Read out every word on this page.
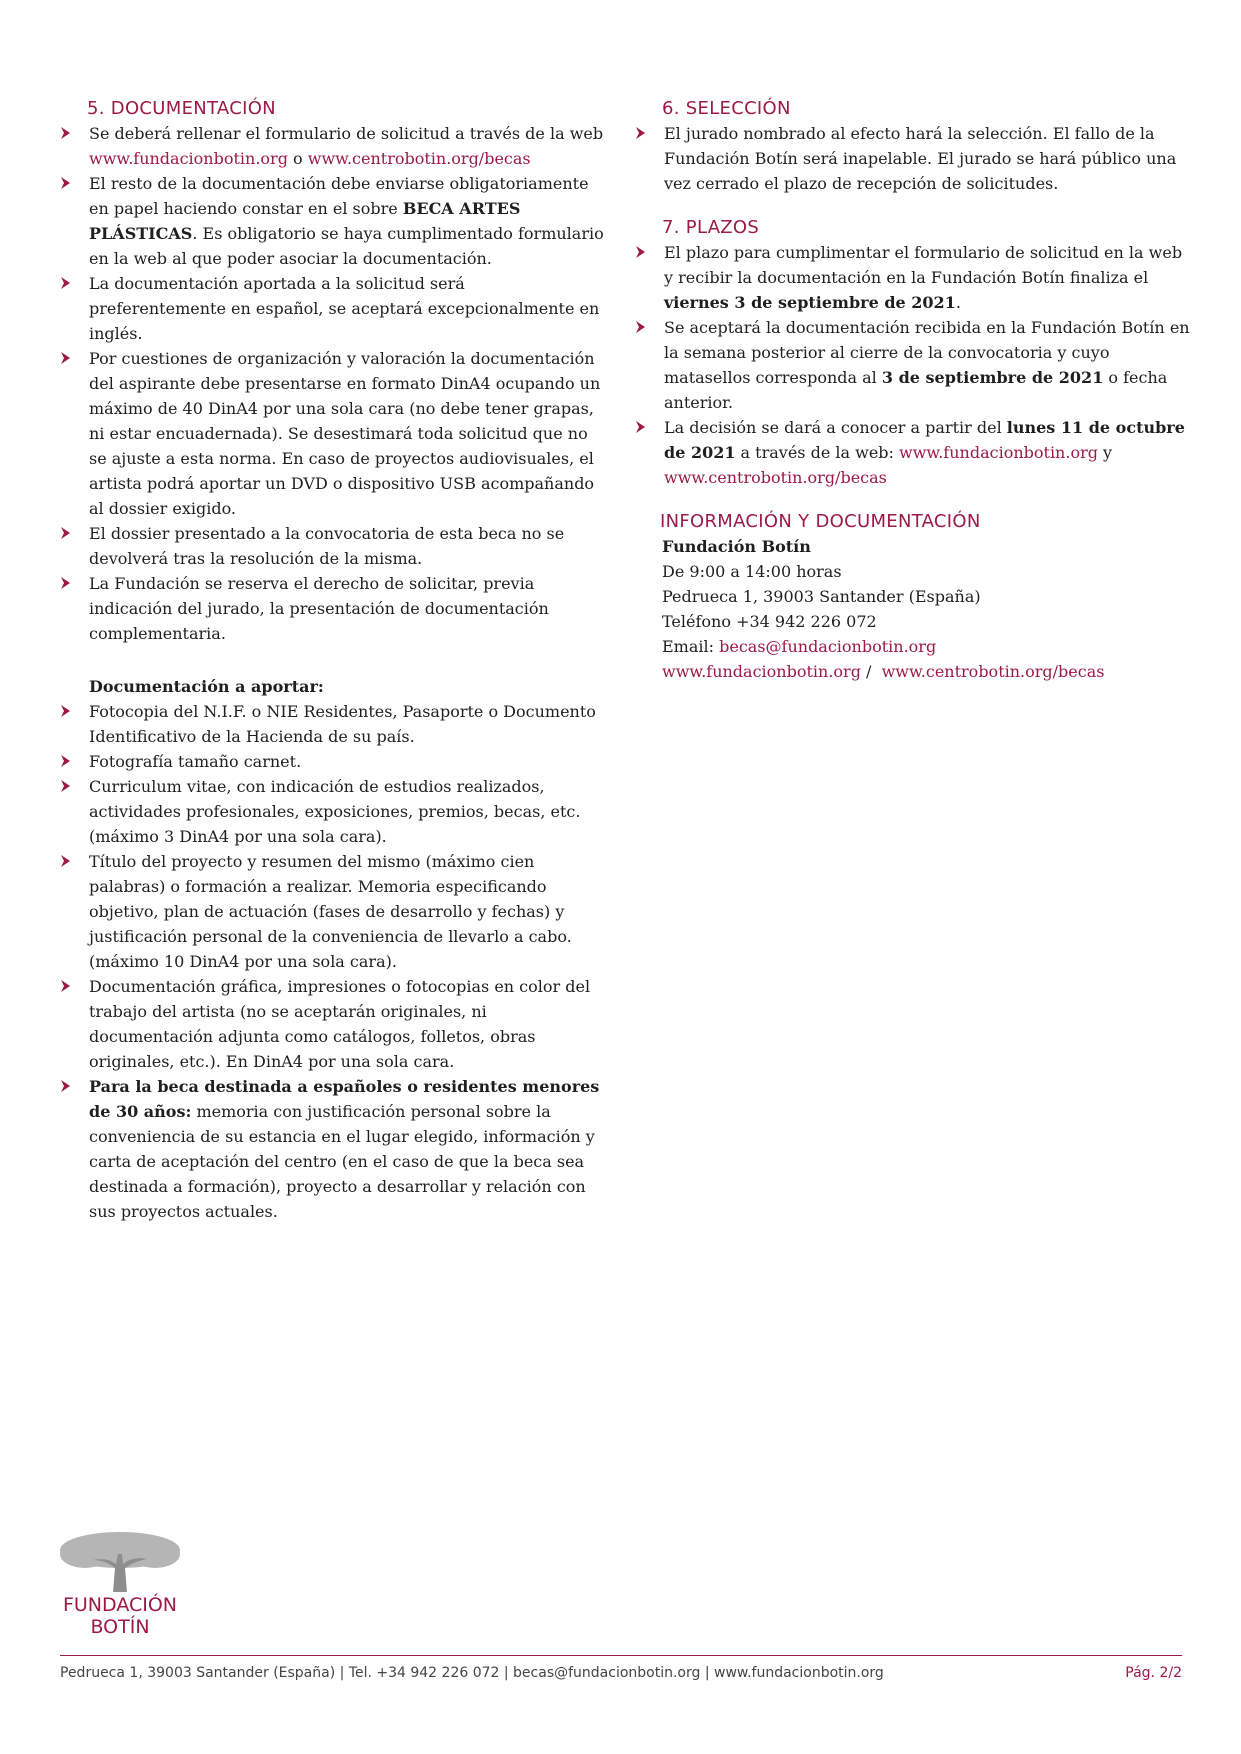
5. DOCUMENTACIÓN
Se deberá rellenar el formulario de solicitud a través de la web www.fundacionbotin.org o www.centrobotin.org/becas
El resto de la documentación debe enviarse obligatoriamente en papel haciendo constar en el sobre BECA ARTES PLÁSTICAS. Es obligatorio se haya cumplimentado formulario en la web al que poder asociar la documentación.
La documentación aportada a la solicitud será preferentemente en español, se aceptará excepcionalmente en inglés.
Por cuestiones de organización y valoración la documentación del aspirante debe presentarse en formato DinA4 ocupando un máximo de 40 DinA4 por una sola cara (no debe tener grapas, ni estar encuadernada). Se desestimará toda solicitud que no se ajuste a esta norma. En caso de proyectos audiovisuales, el artista podrá aportar un DVD o dispositivo USB acompañando al dossier exigido.
El dossier presentado a la convocatoria de esta beca no se devolverá tras la resolución de la misma.
La Fundación se reserva el derecho de solicitar, previa indicación del jurado, la presentación de documentación complementaria.
Documentación a aportar:
Fotocopia del N.I.F. o NIE Residentes, Pasaporte o Documento Identificativo de la Hacienda de su país.
Fotografía tamaño carnet.
Curriculum vitae, con indicación de estudios realizados, actividades profesionales, exposiciones, premios, becas, etc. (máximo 3 DinA4 por una sola cara).
Título del proyecto y resumen del mismo (máximo cien palabras) o formación a realizar. Memoria especificando objetivo, plan de actuación (fases de desarrollo y fechas) y justificación personal de la conveniencia de llevarlo a cabo. (máximo 10 DinA4 por una sola cara).
Documentación gráfica, impresiones o fotocopias en color del trabajo del artista (no se aceptarán originales, ni documentación adjunta como catálogos, folletos, obras originales, etc.). En DinA4 por una sola cara.
Para la beca destinada a españoles o residentes menores de 30 años: memoria con justificación personal sobre la conveniencia de su estancia en el lugar elegido, información y carta de aceptación del centro (en el caso de que la beca sea destinada a formación), proyecto a desarrollar y relación con sus proyectos actuales.
6. SELECCIÓN
El jurado nombrado al efecto hará la selección. El fallo de la Fundación Botín será inapelable. El jurado se hará público una vez cerrado el plazo de recepción de solicitudes.
7. PLAZOS
El plazo para cumplimentar el formulario de solicitud en la web y recibir la documentación en la Fundación Botín finaliza el viernes 3 de septiembre de 2021.
Se aceptará la documentación recibida en la Fundación Botín en la semana posterior al cierre de la convocatoria y cuyo matasellos corresponda al 3 de septiembre de 2021 o fecha anterior.
La decisión se dará a conocer a partir del lunes 11 de octubre de 2021 a través de la web: www.fundacionbotin.org y www.centrobotin.org/becas
INFORMACIÓN Y DOCUMENTACIÓN
Fundación Botín
De 9:00 a 14:00 horas
Pedrueca 1, 39003 Santander (España)
Teléfono +34 942 226 072
Email: becas@fundacionbotin.org
www.fundacionbotin.org /  www.centrobotin.org/becas
FUNDACIÓN
BOTÍN
Pedrueca 1, 39003 Santander (España) | Tel. +34 942 226 072 | becas@fundacionbotin.org | www.fundacionbotin.org	Pág. 2/2
